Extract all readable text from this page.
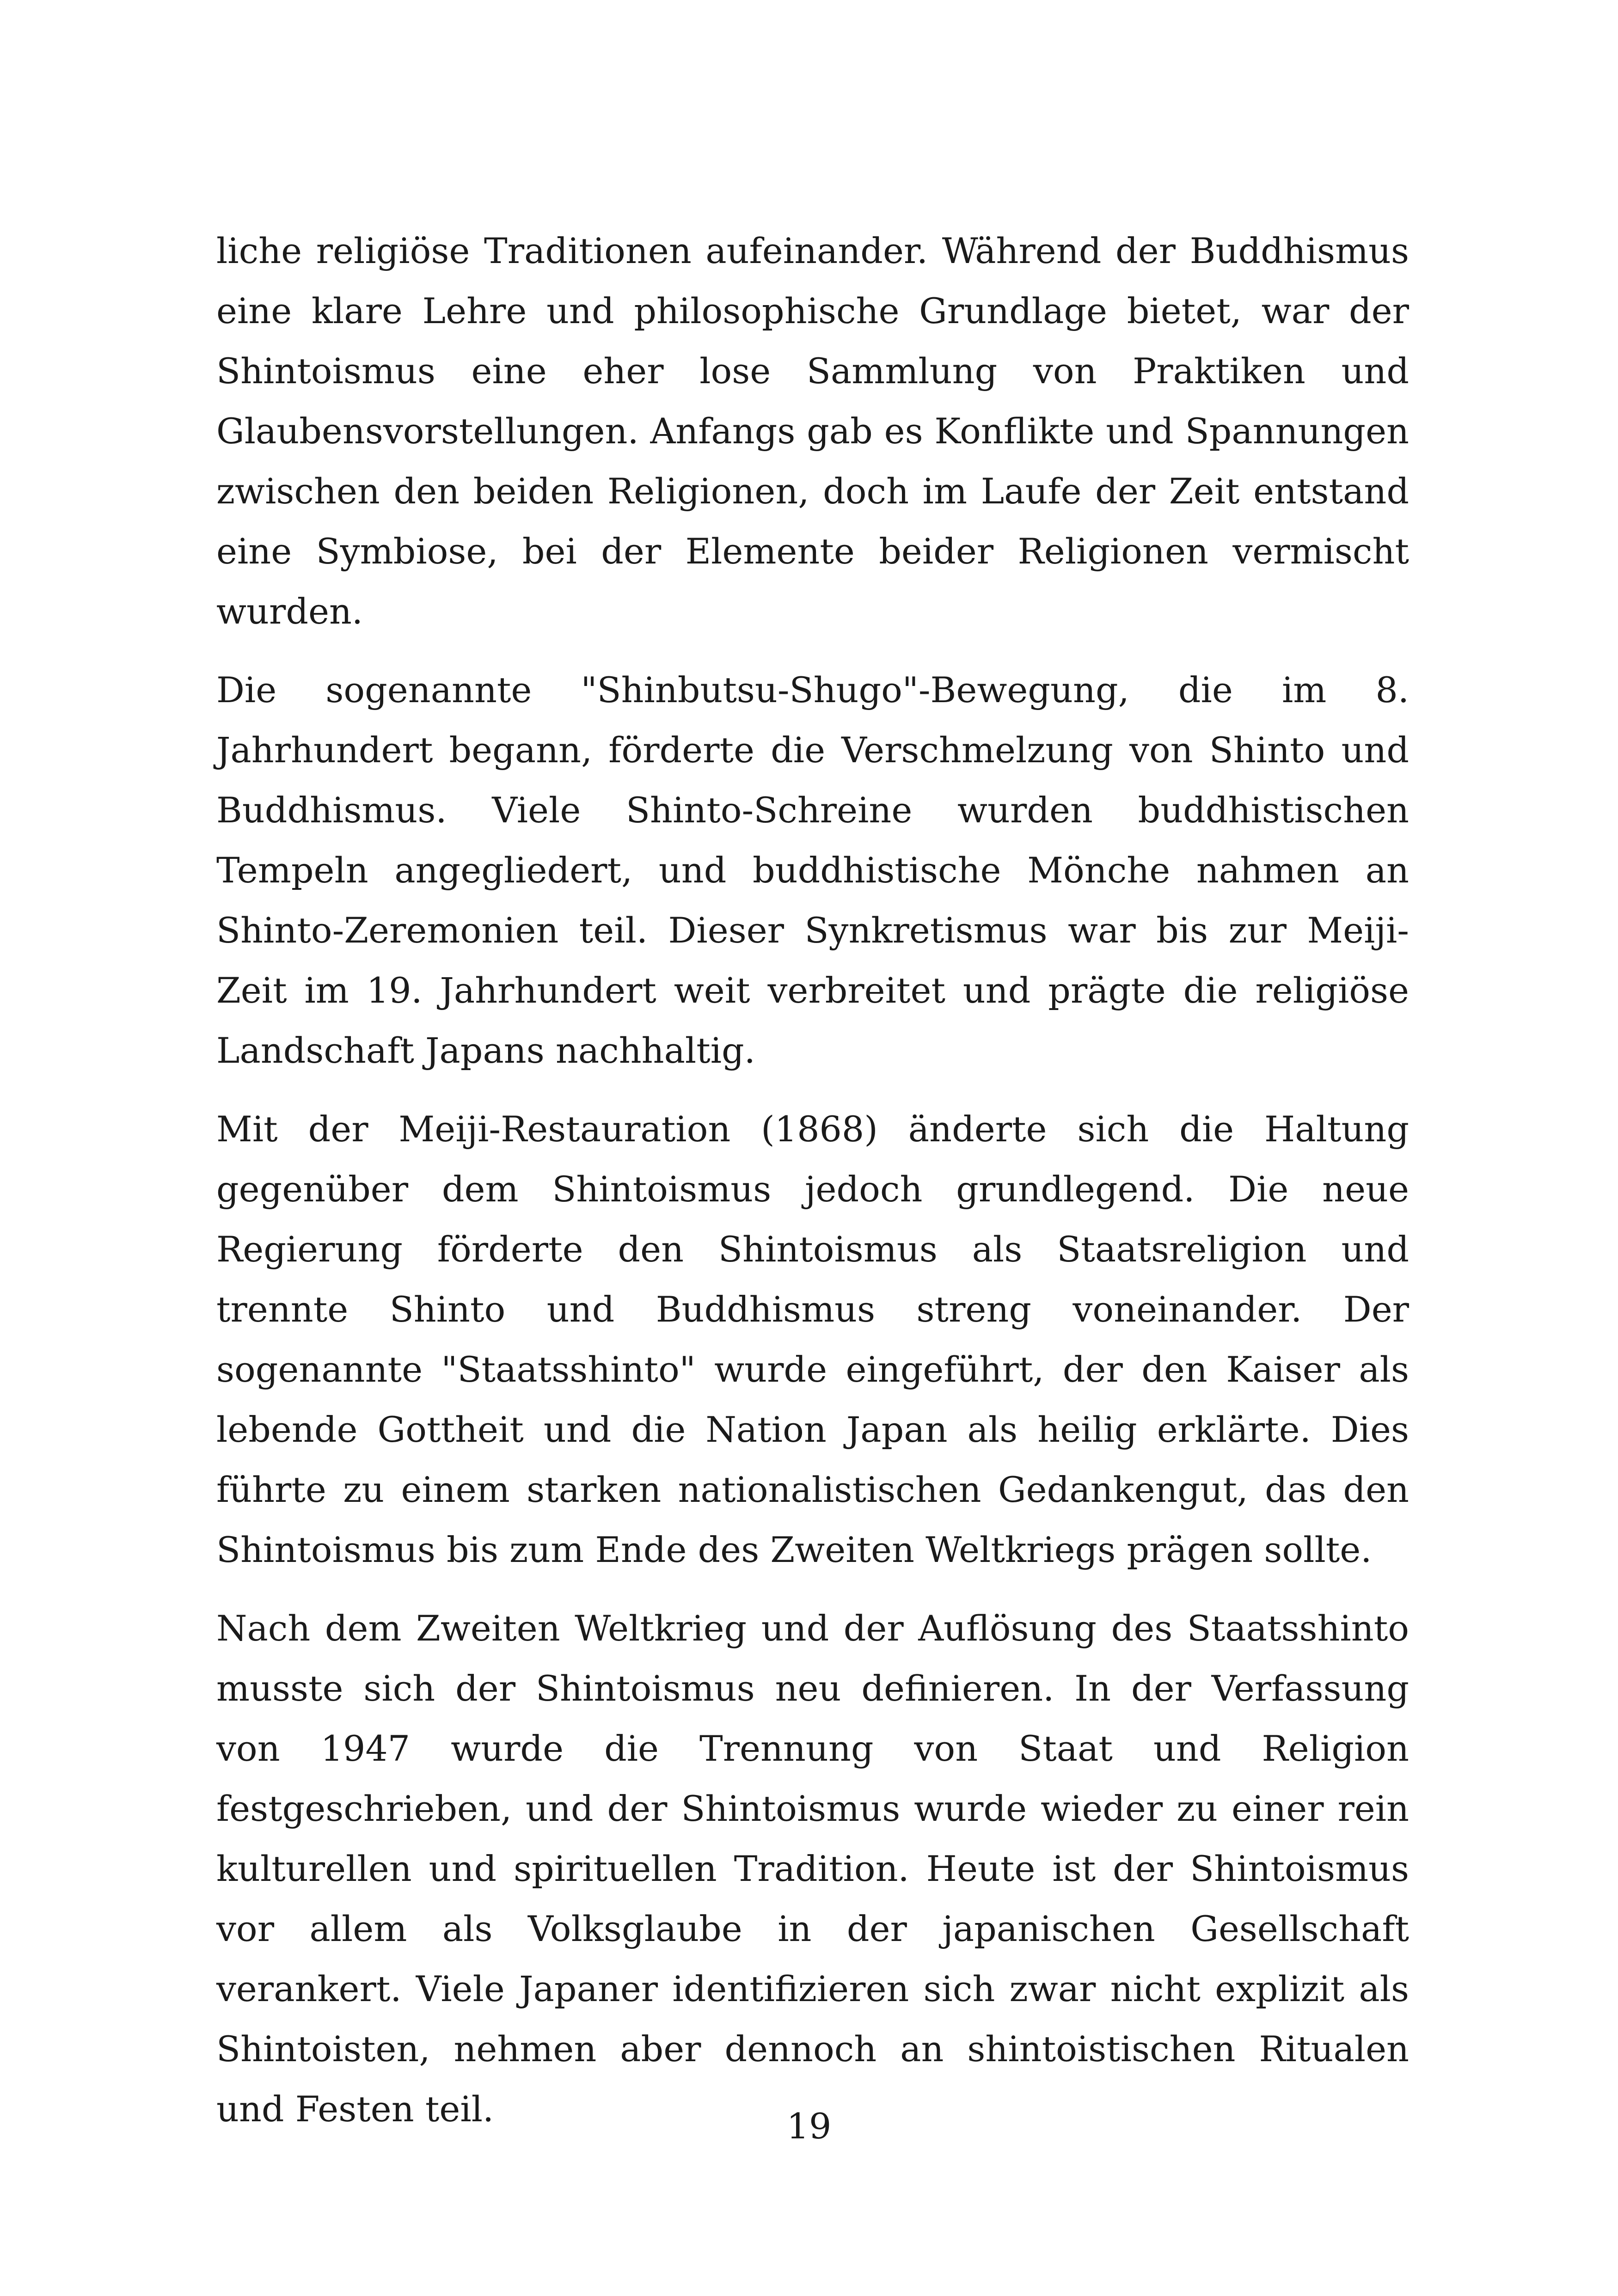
liche religiöse Traditionen aufeinander. Während der Buddhismus eine klare Lehre und philosophische Grundlage bietet, war der Shintoismus eine eher lose Sammlung von Praktiken und Glaubensvorstellungen. Anfangs gab es Konflikte und Spannungen zwischen den beiden Religionen, doch im Laufe der Zeit entstand eine Symbiose, bei der Elemente beider Religionen vermischt wurden.

Die sogenannte "Shinbutsu-Shugo"-Bewegung, die im 8. Jahrhundert begann, förderte die Verschmelzung von Shinto und Buddhismus. Viele Shinto-Schreine wurden buddhistischen Tempeln angegliedert, und buddhistische Mönche nahmen an Shinto-Zeremonien teil. Dieser Synkretismus war bis zur Meiji-Zeit im 19. Jahrhundert weit verbreitet und prägte die religiöse Landschaft Japans nachhaltig.

Mit der Meiji-Restauration (1868) änderte sich die Haltung gegenüber dem Shintoismus jedoch grundlegend. Die neue Regierung förderte den Shintoismus als Staatsreligion und trennte Shinto und Buddhismus streng voneinander. Der sogenannte "Staatsshinto" wurde eingeführt, der den Kaiser als lebende Gottheit und die Nation Japan als heilig erklärte. Dies führte zu einem starken nationalistischen Gedankengut, das den Shintoismus bis zum Ende des Zweiten Weltkriegs prägen sollte.

Nach dem Zweiten Weltkrieg und der Auflösung des Staatsshinto musste sich der Shintoismus neu definieren. In der Verfassung von 1947 wurde die Trennung von Staat und Religion festgeschrieben, und der Shintoismus wurde wieder zu einer rein kulturellen und spirituellen Tradition. Heute ist der Shintoismus vor allem als Volksglaube in der japanischen Gesellschaft verankert. Viele Japaner identifizieren sich zwar nicht explizit als Shintoisten, nehmen aber dennoch an shintoistischen Ritualen und Festen teil.	19
